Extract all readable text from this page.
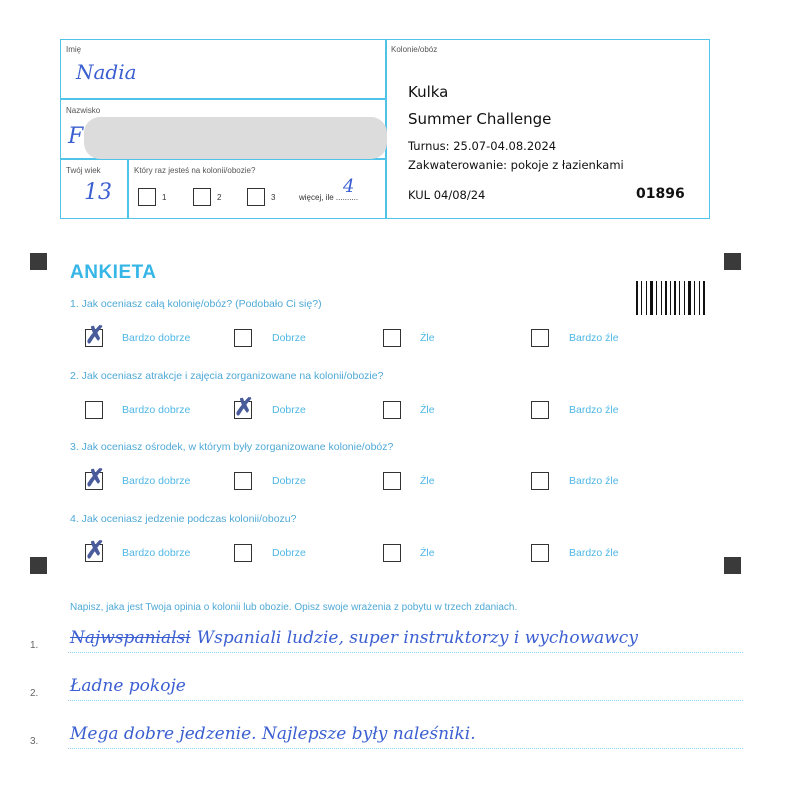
Imię
Nadia
Nazwisko
F
Twój wiek
13
Który raz jesteś na kolonii/obozie?
1	2	3	więcej, ile ..........
4
Kolonie/obóz
Kulka
Summer Challenge
Turnus: 25.07-04.08.2024
Zakwaterowanie: pokoje z łazienkami
KUL 04/08/24	01896
ANKIETA
1. Jak oceniasz całą kolonię/obóz? (Podobało Ci się?)
✗ Bardzo dobrze	Dobrze	Źle	Bardzo źle
2. Jak oceniasz atrakcje i zajęcia zorganizowane na kolonii/obozie?
Bardzo dobrze ✗ Dobrze	Źle	Bardzo źle
3. Jak oceniasz ośrodek, w którym były zorganizowane kolonie/obóz?
✗ Bardzo dobrze	Dobrze	Źle	Bardzo źle
4. Jak oceniasz jedzenie podczas kolonii/obozu?
✗ Bardzo dobrze	Dobrze	Źle	Bardzo źle
Napisz, jaka jest Twoja opinia o kolonii lub obozie. Opisz swoje wrażenia z pobytu w trzech zdaniach.
1. Najwspanialsi Wspaniali ludzie, super instruktorzy i wychowawcy
2. Ładne pokoje
3. Mega dobre jedzenie. Najlepsze były naleśniki.
